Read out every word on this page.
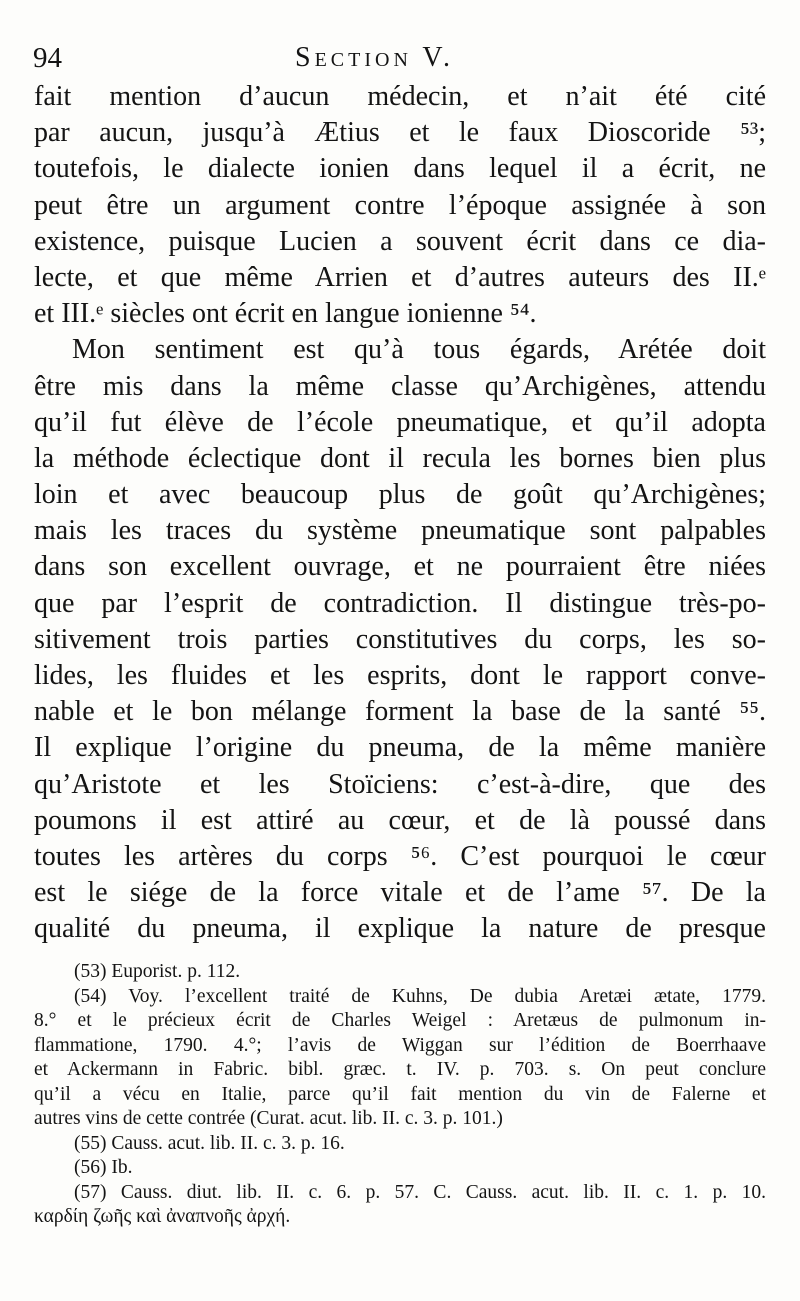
94	Section V.
fait mention d’aucun médecin, et n’ait été cité
par aucun, jusqu’à Ætius et le faux Dioscoride ⁵³;
toutefois, le dialecte ionien dans lequel il a écrit, ne
peut être un argument contre l’époque assignée à son
existence, puisque Lucien a souvent écrit dans ce dia-
lecte, et que même Arrien et d’autres auteurs des II.ᵉ
et III.ᵉ siècles ont écrit en langue ionienne ⁵⁴.
Mon sentiment est qu’à tous égards, Arétée doit
être mis dans la même classe qu’Archigènes, attendu
qu’il fut élève de l’école pneumatique, et qu’il adopta
la méthode éclectique dont il recula les bornes bien plus
loin et avec beaucoup plus de goût qu’Archigènes;
mais les traces du système pneumatique sont palpables
dans son excellent ouvrage, et ne pourraient être niées
que par l’esprit de contradiction. Il distingue très-po-
sitivement trois parties constitutives du corps, les so-
lides, les fluides et les esprits, dont le rapport conve-
nable et le bon mélange forment la base de la santé ⁵⁵.
Il explique l’origine du pneuma, de la même manière
qu’Aristote et les Stoïciens: c’est-à-dire, que des
poumons il est attiré au cœur, et de là poussé dans
toutes les artères du corps ⁵⁶. C’est pourquoi le cœur
est le siége de la force vitale et de l’ame ⁵⁷. De la
qualité du pneuma, il explique la nature de presque
(53) Euporist. p. 112.
(54) Voy. l’excellent traité de Kuhns, De dubia Aretæi ætate, 1779.
8.° et le précieux écrit de Charles Weigel : Aretæus de pulmonum in-
flammatione, 1790. 4.°; l’avis de Wiggan sur l’édition de Boerrhaave
et Ackermann in Fabric. bibl. græc. t. IV. p. 703. s. On peut conclure
qu’il a vécu en Italie, parce qu’il fait mention du vin de Falerne et
autres vins de cette contrée (Curat. acut. lib. II. c. 3. p. 101.)
(55) Causs. acut. lib. II. c. 3. p. 16.
(56) Ib.
(57) Causs. diut. lib. II. c. 6. p. 57. C. Causs. acut. lib. II. c. 1. p. 10.
καρδίη ζωῆς καὶ ἀναπνοῆς ἀρχή.
